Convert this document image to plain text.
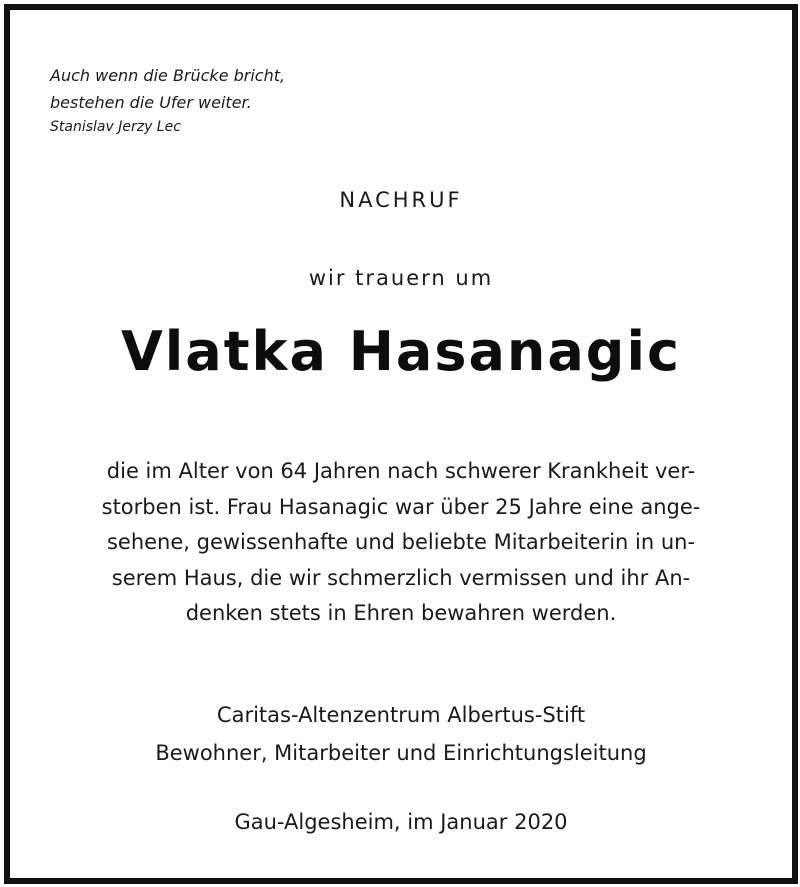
Auch wenn die Brücke bricht,
bestehen die Ufer weiter.
Stanislav Jerzy Lec
NACHRUF
wir trauern um
Vlatka Hasanagic
die im Alter von 64 Jahren nach schwerer Krankheit ver-
storben ist. Frau Hasanagic war über 25 Jahre eine ange-
sehene, gewissenhafte und beliebte Mitarbeiterin in un-
serem Haus, die wir schmerzlich vermissen und ihr An-
denken stets in Ehren bewahren werden.
Caritas-Altenzentrum Albertus-Stift
Bewohner, Mitarbeiter und Einrichtungsleitung
Gau-Algesheim, im Januar 2020
